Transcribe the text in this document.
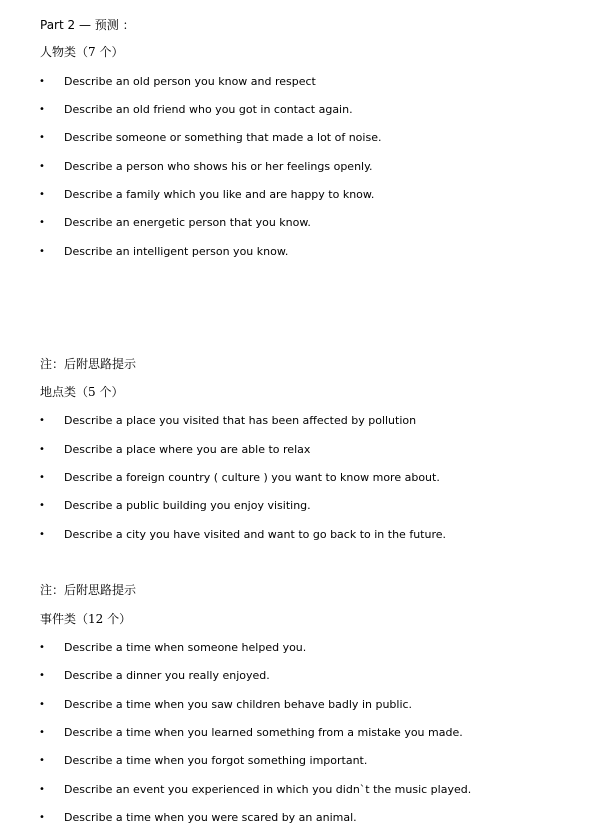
Part 2 — 预测 ：
人物类（7 个）
• Describe an old person you know and respect
• Describe an old friend who you got in contact again.
• Describe someone or something that made a lot of noise.
• Describe a person who shows his or her feelings openly.
• Describe a family which you like and are happy to know.
• Describe an energetic person that you know.
• Describe an intelligent person you know.
注：后附思路提示
地点类（5 个）
• Describe a place you visited that has been affected by pollution
• Describe a place where you are able to relax
• Describe a foreign country ( culture ) you want to know more about.
• Describe a public building you enjoy visiting.
• Describe a city you have visited and want to go back to in the future.
注：后附思路提示
事件类（12 个）
• Describe a time when someone helped you.
• Describe a dinner you really enjoyed.
• Describe a time when you saw children behave badly in public.
• Describe a time when you learned something from a mistake you made.
• Describe a time when you forgot something important.
• Describe an event you experienced in which you didn`t the music played.
• Describe a time when you were scared by an animal.
